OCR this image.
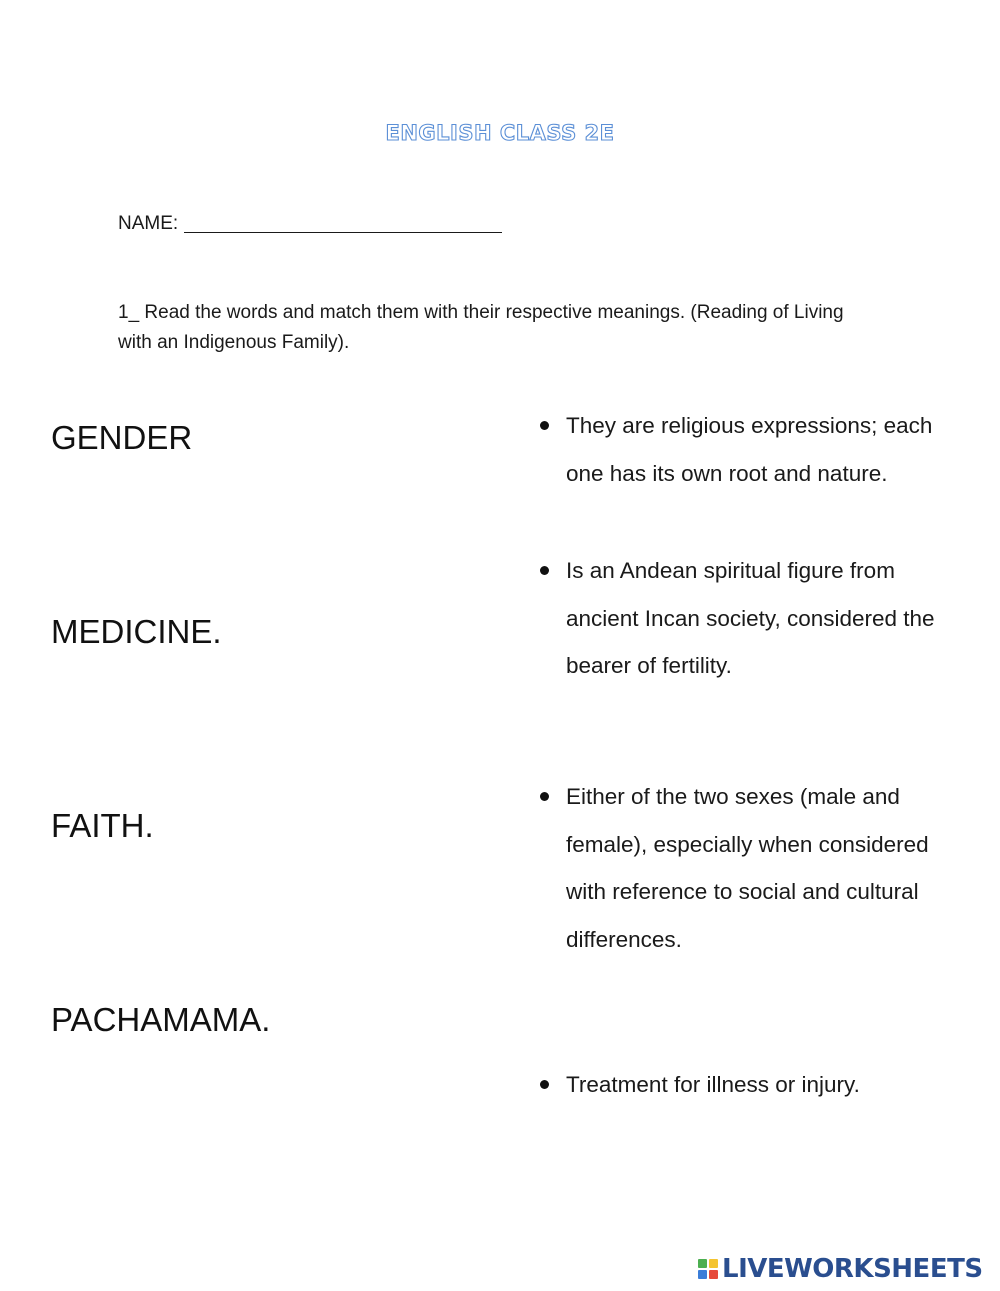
ENGLISH CLASS 2E
NAME:
1_ Read the words and match them with their respective meanings. (Reading of Living with an Indigenous Family).
GENDER
MEDICINE.
FAITH.
PACHAMAMA.
They are religious expressions; each one has its own root and nature.
Is an Andean spiritual figure from ancient Incan society, considered the bearer of fertility.
Either of the two sexes (male and female), especially when considered with reference to social and cultural differences.
Treatment for illness or injury.
LIVEWORKSHEETS
